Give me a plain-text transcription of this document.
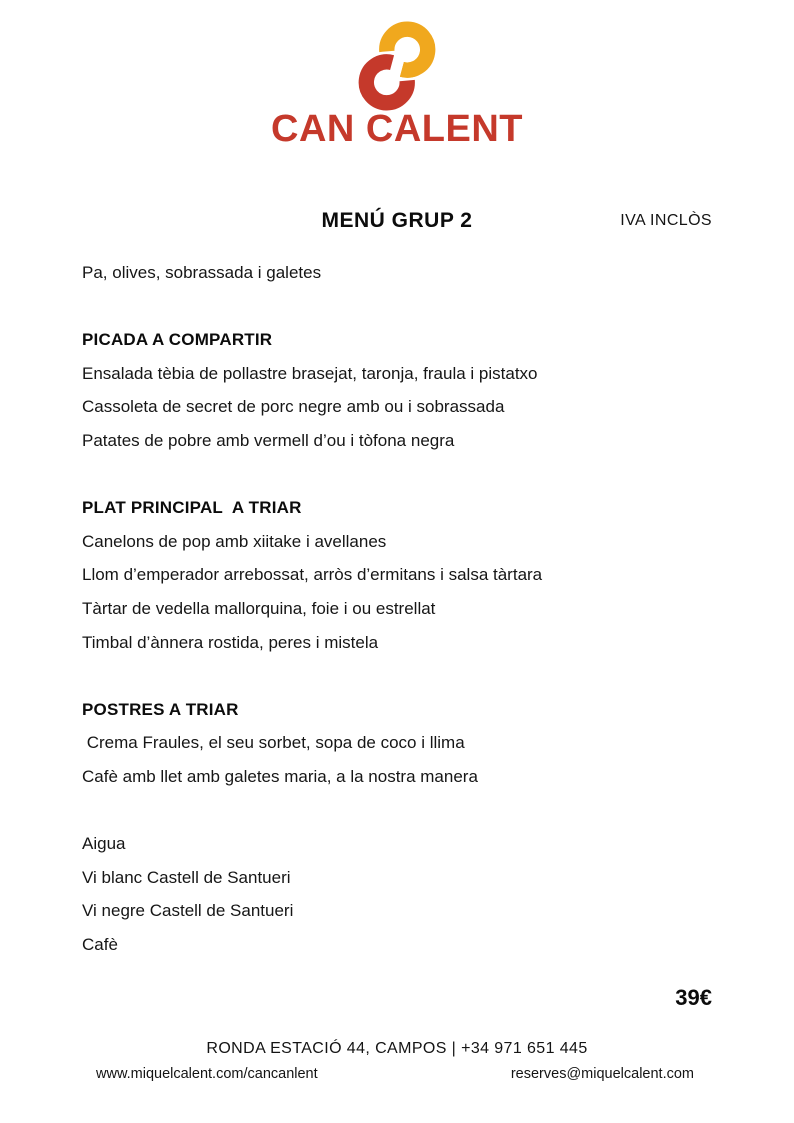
CAN CALENT
MENÚ GRUP 2	IVA INCLÒS
Pa, olives, sobrassada i galetes
PICADA A COMPARTIR
Ensalada tèbia de pollastre brasejat, taronja, fraula i pistatxo
Cassoleta de secret de porc negre amb ou i sobrassada
Patates de pobre amb vermell d’ou i tòfona negra
PLAT PRINCIPAL  A TRIAR
Canelons de pop amb xiitake i avellanes
Llom d’emperador arrebossat, arròs d’ermitans i salsa tàrtara
Tàrtar de vedella mallorquina, foie i ou estrellat
Timbal d’ànnera rostida, peres i mistela
POSTRES A TRIAR
Crema Fraules, el seu sorbet, sopa de coco i llima
Cafè amb llet amb galetes maria, a la nostra manera
Aigua
Vi blanc Castell de Santueri
Vi negre Castell de Santueri
Cafè
39€
RONDA ESTACIÓ 44, CAMPOS | +34 971 651 445
www.miquelcalent.com/cancanlent	reserves@miquelcalent.com
